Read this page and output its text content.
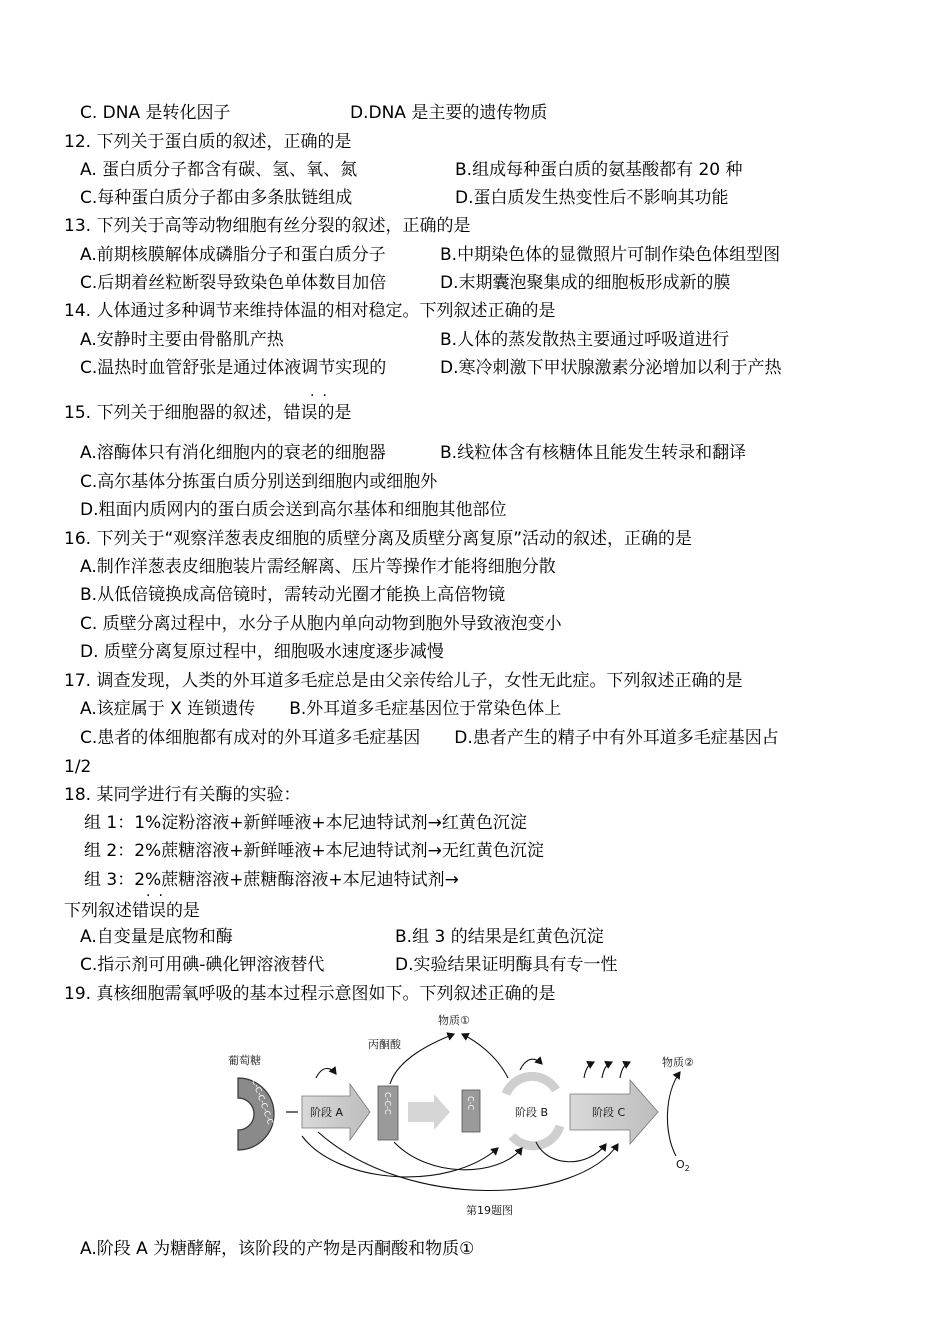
C. DNA 是转化因子	D.DNA 是主要的遗传物质
12. 下列关于蛋白质的叙述，正确的是
A. 蛋白质分子都含有碳、氢、氧、氮	B.组成每种蛋白质的氨基酸都有 20 种
C.每种蛋白质分子都由多条肽链组成	D.蛋白质发生热变性后不影响其功能
13. 下列关于高等动物细胞有丝分裂的叙述，正确的是
A.前期核膜解体成磷脂分子和蛋白质分子	B.中期染色体的显微照片可制作染色体组型图
C.后期着丝粒断裂导致染色单体数目加倍	D.末期囊泡聚集成的细胞板形成新的膜
14. 人体通过多种调节来维持体温的相对稳定。下列叙述正确的是
A.安静时主要由骨骼肌产热	B.人体的蒸发散热主要通过呼吸道进行
C.温热时血管舒张是通过体液调节实现的	D.寒冷刺激下甲状腺激素分泌增加以利于产热
··
15. 下列关于细胞器的叙述，错误的是
A.溶酶体只有消化细胞内的衰老的细胞器	B.线粒体含有核糖体且能发生转录和翻译
C.高尔基体分拣蛋白质分别送到细胞内或细胞外
D.粗面内质网内的蛋白质会送到高尔基体和细胞其他部位
16. 下列关于“观察洋葱表皮细胞的质壁分离及质壁分离复原”活动的叙述，正确的是
A.制作洋葱表皮细胞装片需经解离、压片等操作才能将细胞分散
B.从低倍镜换成高倍镜时，需转动光圈才能换上高倍物镜
C. 质壁分离过程中，水分子从胞内单向动物到胞外导致液泡变小
D. 质壁分离复原过程中，细胞吸水速度逐步减慢
17. 调查发现，人类的外耳道多毛症总是由父亲传给儿子，女性无此症。下列叙述正确的是
A.该症属于 X 连锁遗传　　B.外耳道多毛症基因位于常染色体上
C.患者的体细胞都有成对的外耳道多毛症基因　　D.患者产生的精子中有外耳道多毛症基因占
1/2
18. 某同学进行有关酶的实验：
组 1：1%淀粉溶液+新鲜唾液+本尼迪特试剂→红黄色沉淀
组 2：2%蔗糖溶液+新鲜唾液+本尼迪特试剂→无红黄色沉淀
组 3：2%蔗糖溶液+蔗糖酶溶液+本尼迪特试剂→
··
下列叙述错误的是
A.自变量是底物和酶	B.组 3 的结果是红黄色沉淀
C.指示剂可用碘-碘化钾溶液替代	D.实验结果证明酶具有专一性
19. 真核细胞需氧呼吸的基本过程示意图如下。下列叙述正确的是
葡萄糖
C-C-C-C-C-C	阶段 A
丙酮酸
C-C-C	C-C
物质①
阶段 B	阶段 C
物质②
$O_2$
第19题图
A.阶段 A 为糖酵解，该阶段的产物是丙酮酸和物质①
